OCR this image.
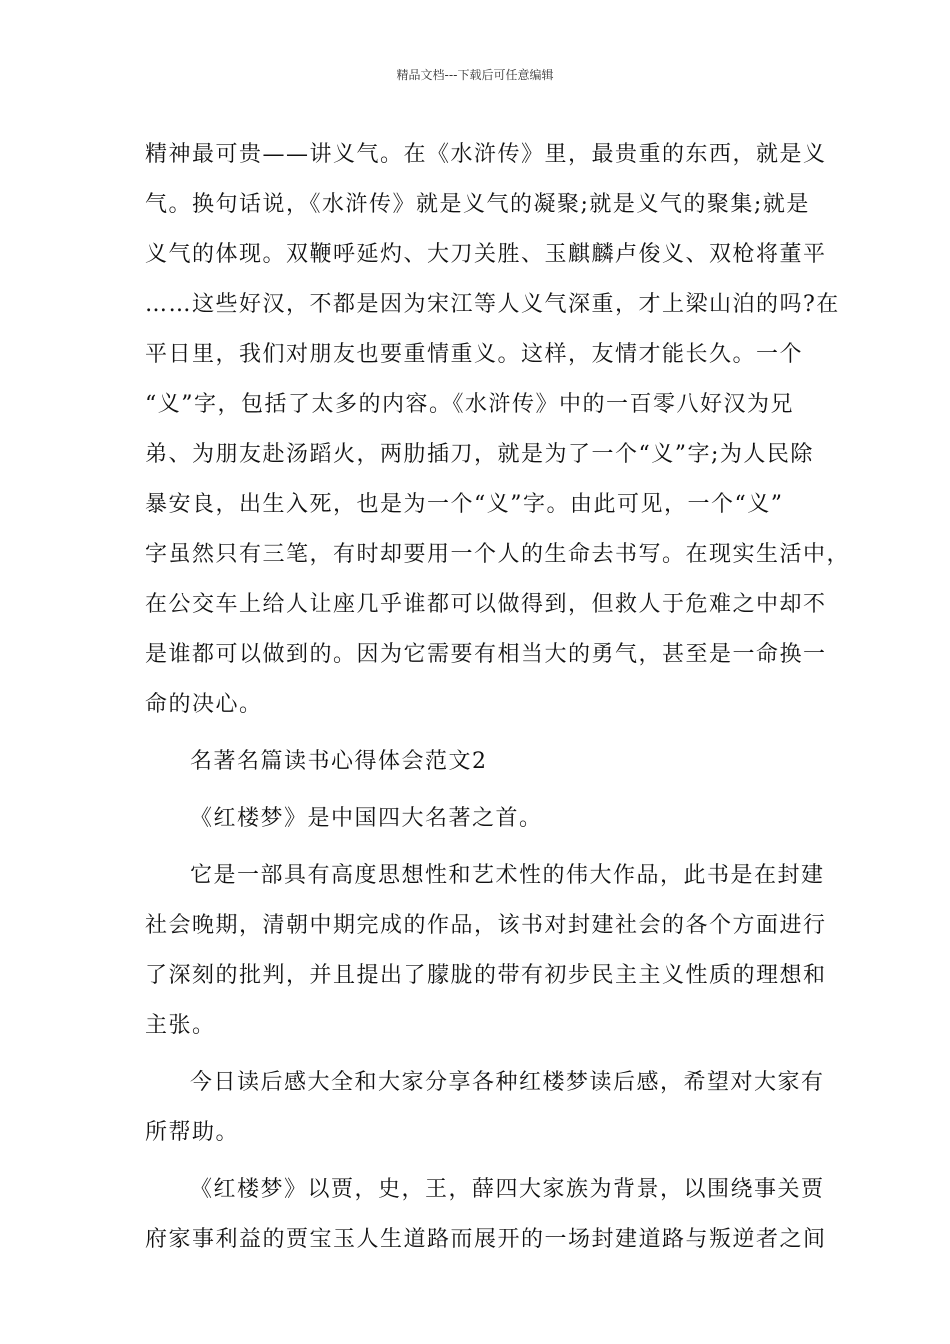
精品文档---下载后可任意编辑
精神最可贵——讲义气。在《水浒传》里，最贵重的东西，就是义
气。换句话说，《水浒传》就是义气的凝聚;就是义气的聚集;就是
义气的体现。双鞭呼延灼、大刀关胜、玉麒麟卢俊义、双枪将董平
……这些好汉，不都是因为宋江等人义气深重，才上梁山泊的吗?在
平日里，我们对朋友也要重情重义。这样，友情才能长久。一个
“义”字，包括了太多的内容。《水浒传》中的一百零八好汉为兄
弟、为朋友赴汤蹈火，两肋插刀，就是为了一个“义”字;为人民除
暴安良，出生入死，也是为一个“义”字。由此可见，一个“义”
字虽然只有三笔，有时却要用一个人的生命去书写。在现实生活中，
在公交车上给人让座几乎谁都可以做得到，但救人于危难之中却不
是谁都可以做到的。因为它需要有相当大的勇气，甚至是一命换一
命的决心。
名著名篇读书心得体会范文2
《红楼梦》是中国四大名著之首。
它是一部具有高度思想性和艺术性的伟大作品，此书是在封建
社会晚期，清朝中期完成的作品，该书对封建社会的各个方面进行
了深刻的批判，并且提出了朦胧的带有初步民主主义性质的理想和
主张。
今日读后感大全和大家分享各种红楼梦读后感，希望对大家有
所帮助。
《红楼梦》以贾，史，王，薛四大家族为背景，以围绕事关贾
府家事利益的贾宝玉人生道路而展开的一场封建道路与叛逆者之间
